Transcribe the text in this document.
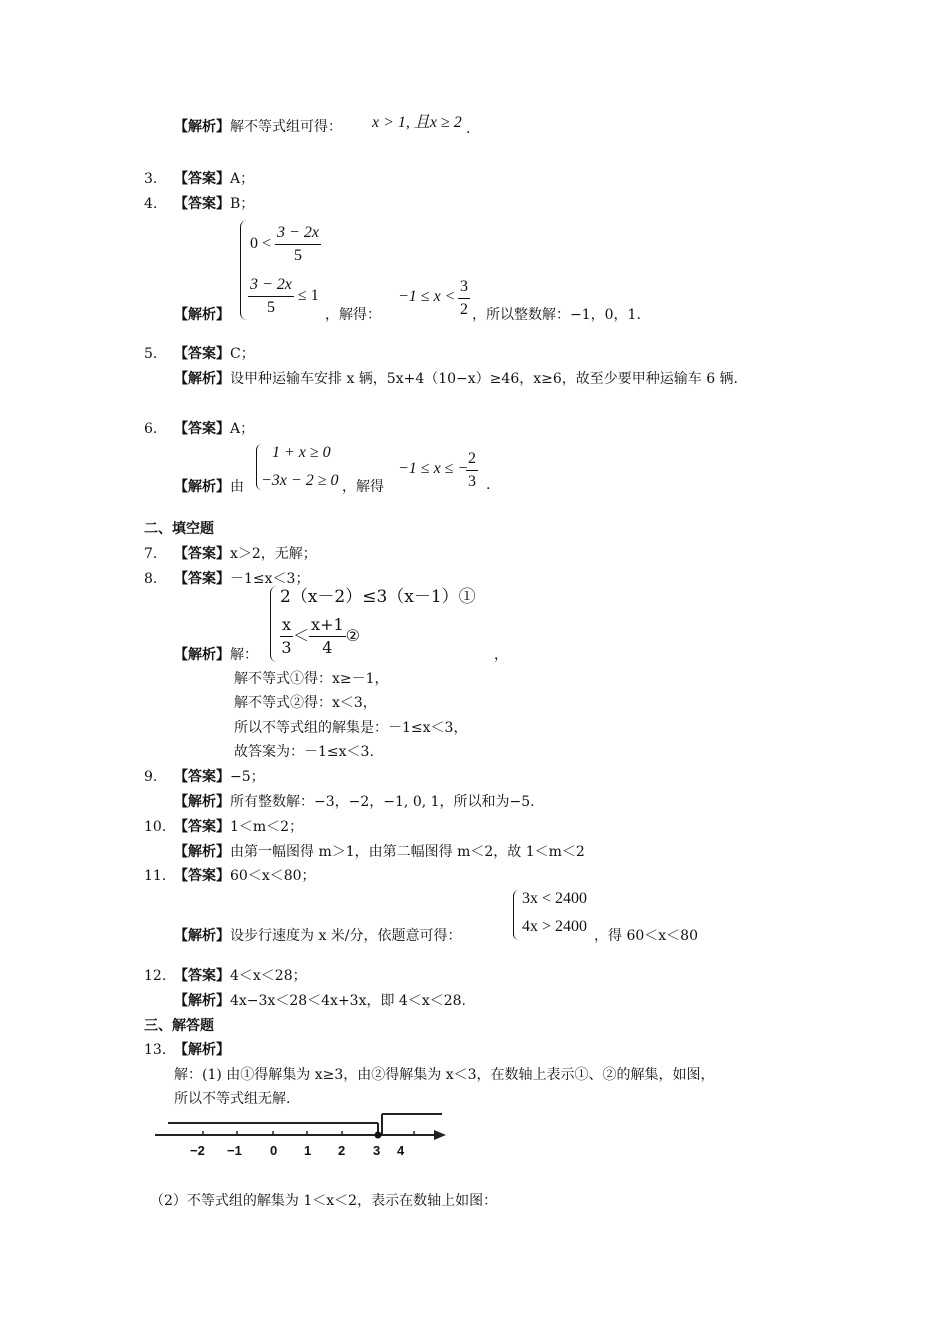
【解析】解不等式组可得： x > 1, 且x ≥ 2 .
3. 【答案】A；
4. 【答案】B；
$0 < \frac{3 - 2x}{5}$
$\frac{3 - 2x}{5} \le 1$
【解析】	，解得：
$-1 \le x < \frac{3}{2}$ ，所以整数解：−1，0，1.
5. 【答案】C；
【解析】设甲种运输车安排 x 辆，5x+4（10−x）≥46，x≥6，故至少要甲种运输车 6 辆.
6. 【答案】A；
1 + x ≥ 0
−3x − 2 ≥ 0
【解析】由	，解得
−1 ≤ x ≤ −
$\frac{2}{3}$ .
二、填空题
7. 【答案】x＞2，无解；
8. 【答案】－1≤x＜3；
2（x－2）≤3（x－1）①
$\frac{x}{3} < \frac{x+1}{4}$ ②
【解析】解：	，
解不等式①得：x≥－1，
解不等式②得：x＜3，
所以不等式组的解集是：－1≤x＜3，
故答案为：－1≤x＜3.
9. 【答案】−5；
【解析】所有整数解：−3，−2，−1, 0, 1，所以和为−5.
10. 【答案】1＜m＜2；
【解析】由第一幅图得 m＞1，由第二幅图得 m＜2，故 1＜m＜2
11. 【答案】60＜x＜80；
3x < 2400
4x > 2400
【解析】设步行速度为 x 米/分，依题意可得：	，得 60＜x＜80
12. 【答案】4＜x＜28；
【解析】4x−3x＜28＜4x+3x，即 4＜x＜28.
三、解答题
13. 【解析】
解：(1) 由①得解集为 x≥3，由②得解集为 x＜3，在数轴上表示①、②的解集，如图，
所以不等式组无解.
−2 −1 0 1 2 3 4
（2）不等式组的解集为 1＜x＜2，表示在数轴上如图：
